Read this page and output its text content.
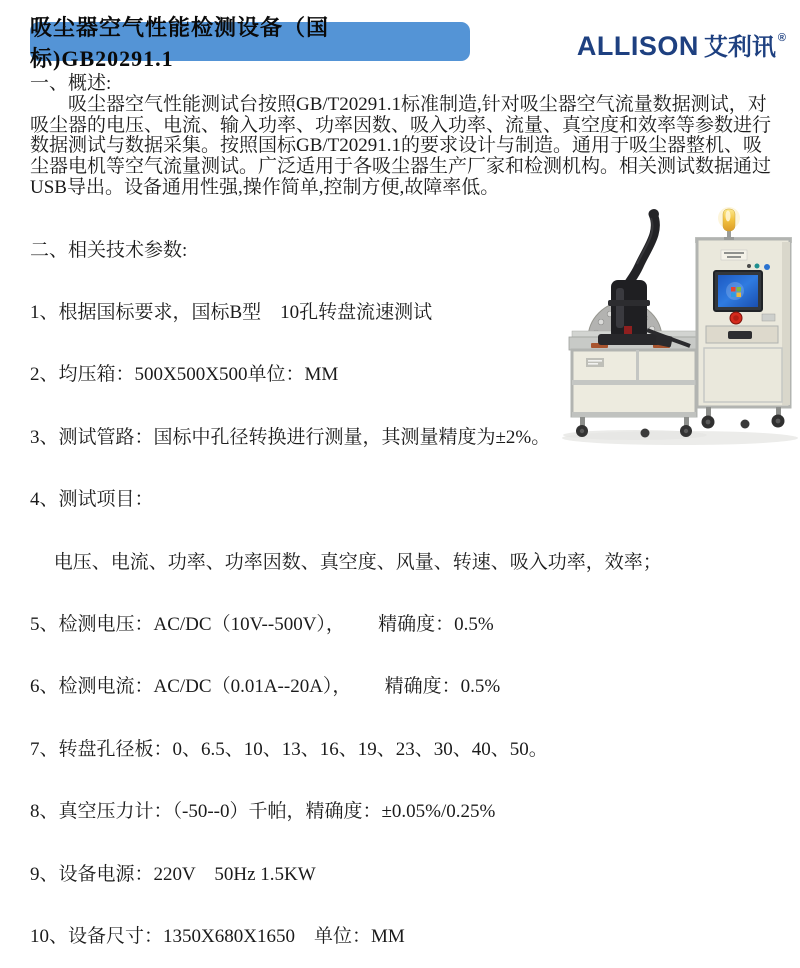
吸尘器空气性能检测设备（国标)GB20291.1	ALLISON 艾利讯 ®
一、概述:
吸尘器空气性能测试台按照GB/T20291.1标准制造,针对吸尘器空气流量数据测试，对吸尘器的电压、电流、输入功率、功率因数、吸入功率、流量、真空度和效率等参数进行数据测试与数据采集。按照国标GB/T20291.1的要求设计与制造。通用于吸尘器整机、吸尘器电机等空气流量测试。广泛适用于各吸尘器生产厂家和检测机构。相关测试数据通过USB导出。设备通用性强,操作简单,控制方便,故障率低。

二、相关技术参数:

1、根据国标要求，国标B型　10孔转盘流速测试

2、均压箱：500X500X500单位：MM

3、测试管路：国标中孔径转换进行测量，其测量精度为±2%。

4、测试项目：

　 电压、电流、功率、功率因数、真空度、风量、转速、吸入功率，效率；

5、检测电压：AC/DC（10V--500V），　　 精确度：0.5%

6、检测电流：AC/DC（0.01A--20A），　　 精确度：0.5%

7、转盘孔径板：0、6.5、10、13、16、19、23、30、40、50。

8、真空压力计：（-50--0）千帕，精确度：±0.05%/0.25%

9、设备电源：220V　50Hz 1.5KW

10、设备尺寸：1350X680X1650　单位：MM
